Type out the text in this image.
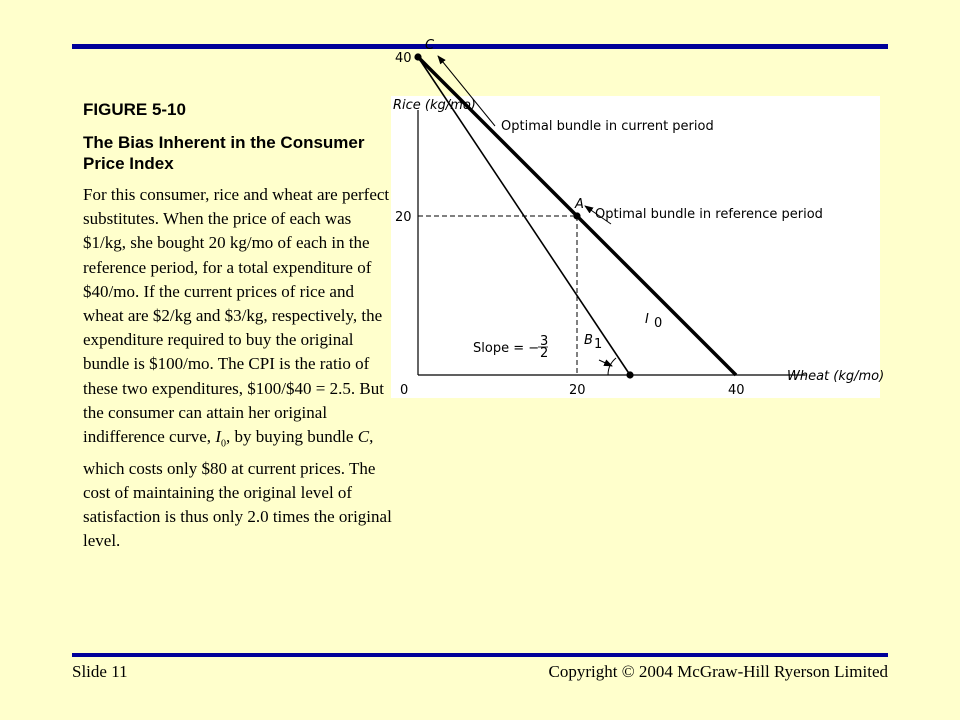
FIGURE 5-10
The Bias Inherent in the Consumer Price Index
For this consumer, rice and wheat are perfect substitutes. When the price of each was $1/kg, she bought 20 kg/mo of each in the reference period, for a total expenditure of $40/mo. If the current prices of rice and wheat are $2/kg and $3/kg, respectively, the expenditure required to buy the original bundle is $100/mo. The CPI is the ratio of these two expenditures, $100/$40 = 2.5. But the consumer can attain her original indifference curve, $I_0$, by buying bundle C, which costs only $80 at current prices. The cost of maintaining the original level of satisfaction is thus only 2.0 times the original level.
Rice (kg/mo)
Wheat (kg/mo)
0	20	40
40
20
I 0
B 1
C
A
Optimal bundle in current period
Optimal bundle in reference period
Slope = − 3
2
Slide 11	Copyright © 2004 McGraw-Hill Ryerson Limited
